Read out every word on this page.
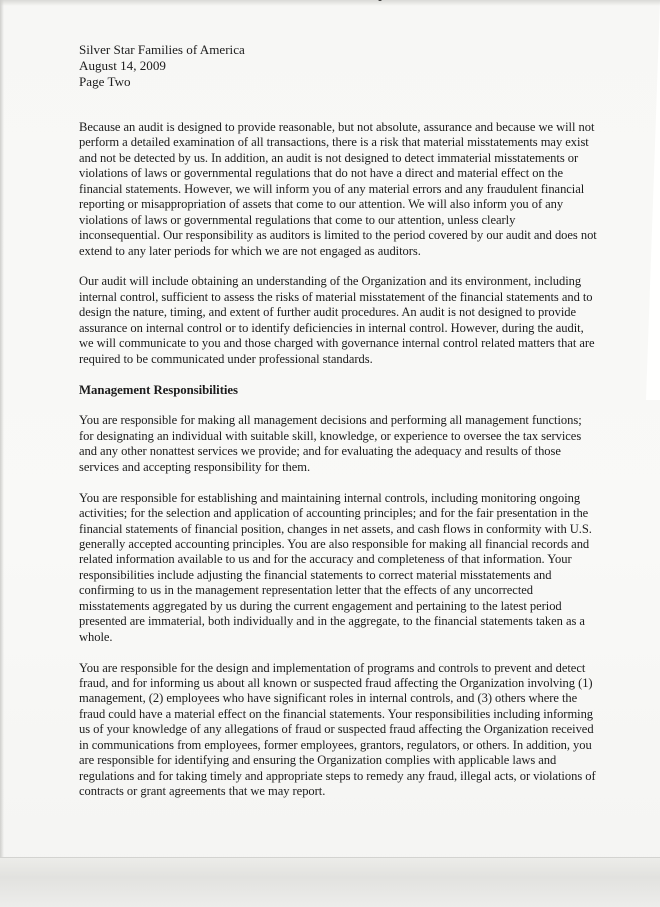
Silver Star Families of America
August 14, 2009
Page Two

Because an audit is designed to provide reasonable, but not absolute, assurance and because we will not perform a detailed examination of all transactions, there is a risk that material misstatements may exist and not be detected by us. In addition, an audit is not designed to detect immaterial misstatements or violations of laws or governmental regulations that do not have a direct and material effect on the financial statements. However, we will inform you of any material errors and any fraudulent financial reporting or misappropriation of assets that come to our attention. We will also inform you of any violations of laws or governmental regulations that come to our attention, unless clearly inconsequential. Our responsibility as auditors is limited to the period covered by our audit and does not extend to any later periods for which we are not engaged as auditors.

Our audit will include obtaining an understanding of the Organization and its environment, including internal control, sufficient to assess the risks of material misstatement of the financial statements and to design the nature, timing, and extent of further audit procedures. An audit is not designed to provide assurance on internal control or to identify deficiencies in internal control. However, during the audit, we will communicate to you and those charged with governance internal control related matters that are required to be communicated under professional standards.

Management Responsibilities

You are responsible for making all management decisions and performing all management functions; for designating an individual with suitable skill, knowledge, or experience to oversee the tax services and any other nonattest services we provide; and for evaluating the adequacy and results of those services and accepting responsibility for them.

You are responsible for establishing and maintaining internal controls, including monitoring ongoing activities; for the selection and application of accounting principles; and for the fair presentation in the financial statements of financial position, changes in net assets, and cash flows in conformity with U.S. generally accepted accounting principles. You are also responsible for making all financial records and related information available to us and for the accuracy and completeness of that information. Your responsibilities include adjusting the financial statements to correct material misstatements and confirming to us in the management representation letter that the effects of any uncorrected misstatements aggregated by us during the current engagement and pertaining to the latest period presented are immaterial, both individually and in the aggregate, to the financial statements taken as a whole.

You are responsible for the design and implementation of programs and controls to prevent and detect fraud, and for informing us about all known or suspected fraud affecting the Organization involving (1) management, (2) employees who have significant roles in internal controls, and (3) others where the fraud could have a material effect on the financial statements. Your responsibilities including informing us of your knowledge of any allegations of fraud or suspected fraud affecting the Organization received in communications from employees, former employees, grantors, regulators, or others. In addition, you are responsible for identifying and ensuring the Organization complies with applicable laws and regulations and for taking timely and appropriate steps to remedy any fraud, illegal acts, or violations of contracts or grant agreements that we may report.
